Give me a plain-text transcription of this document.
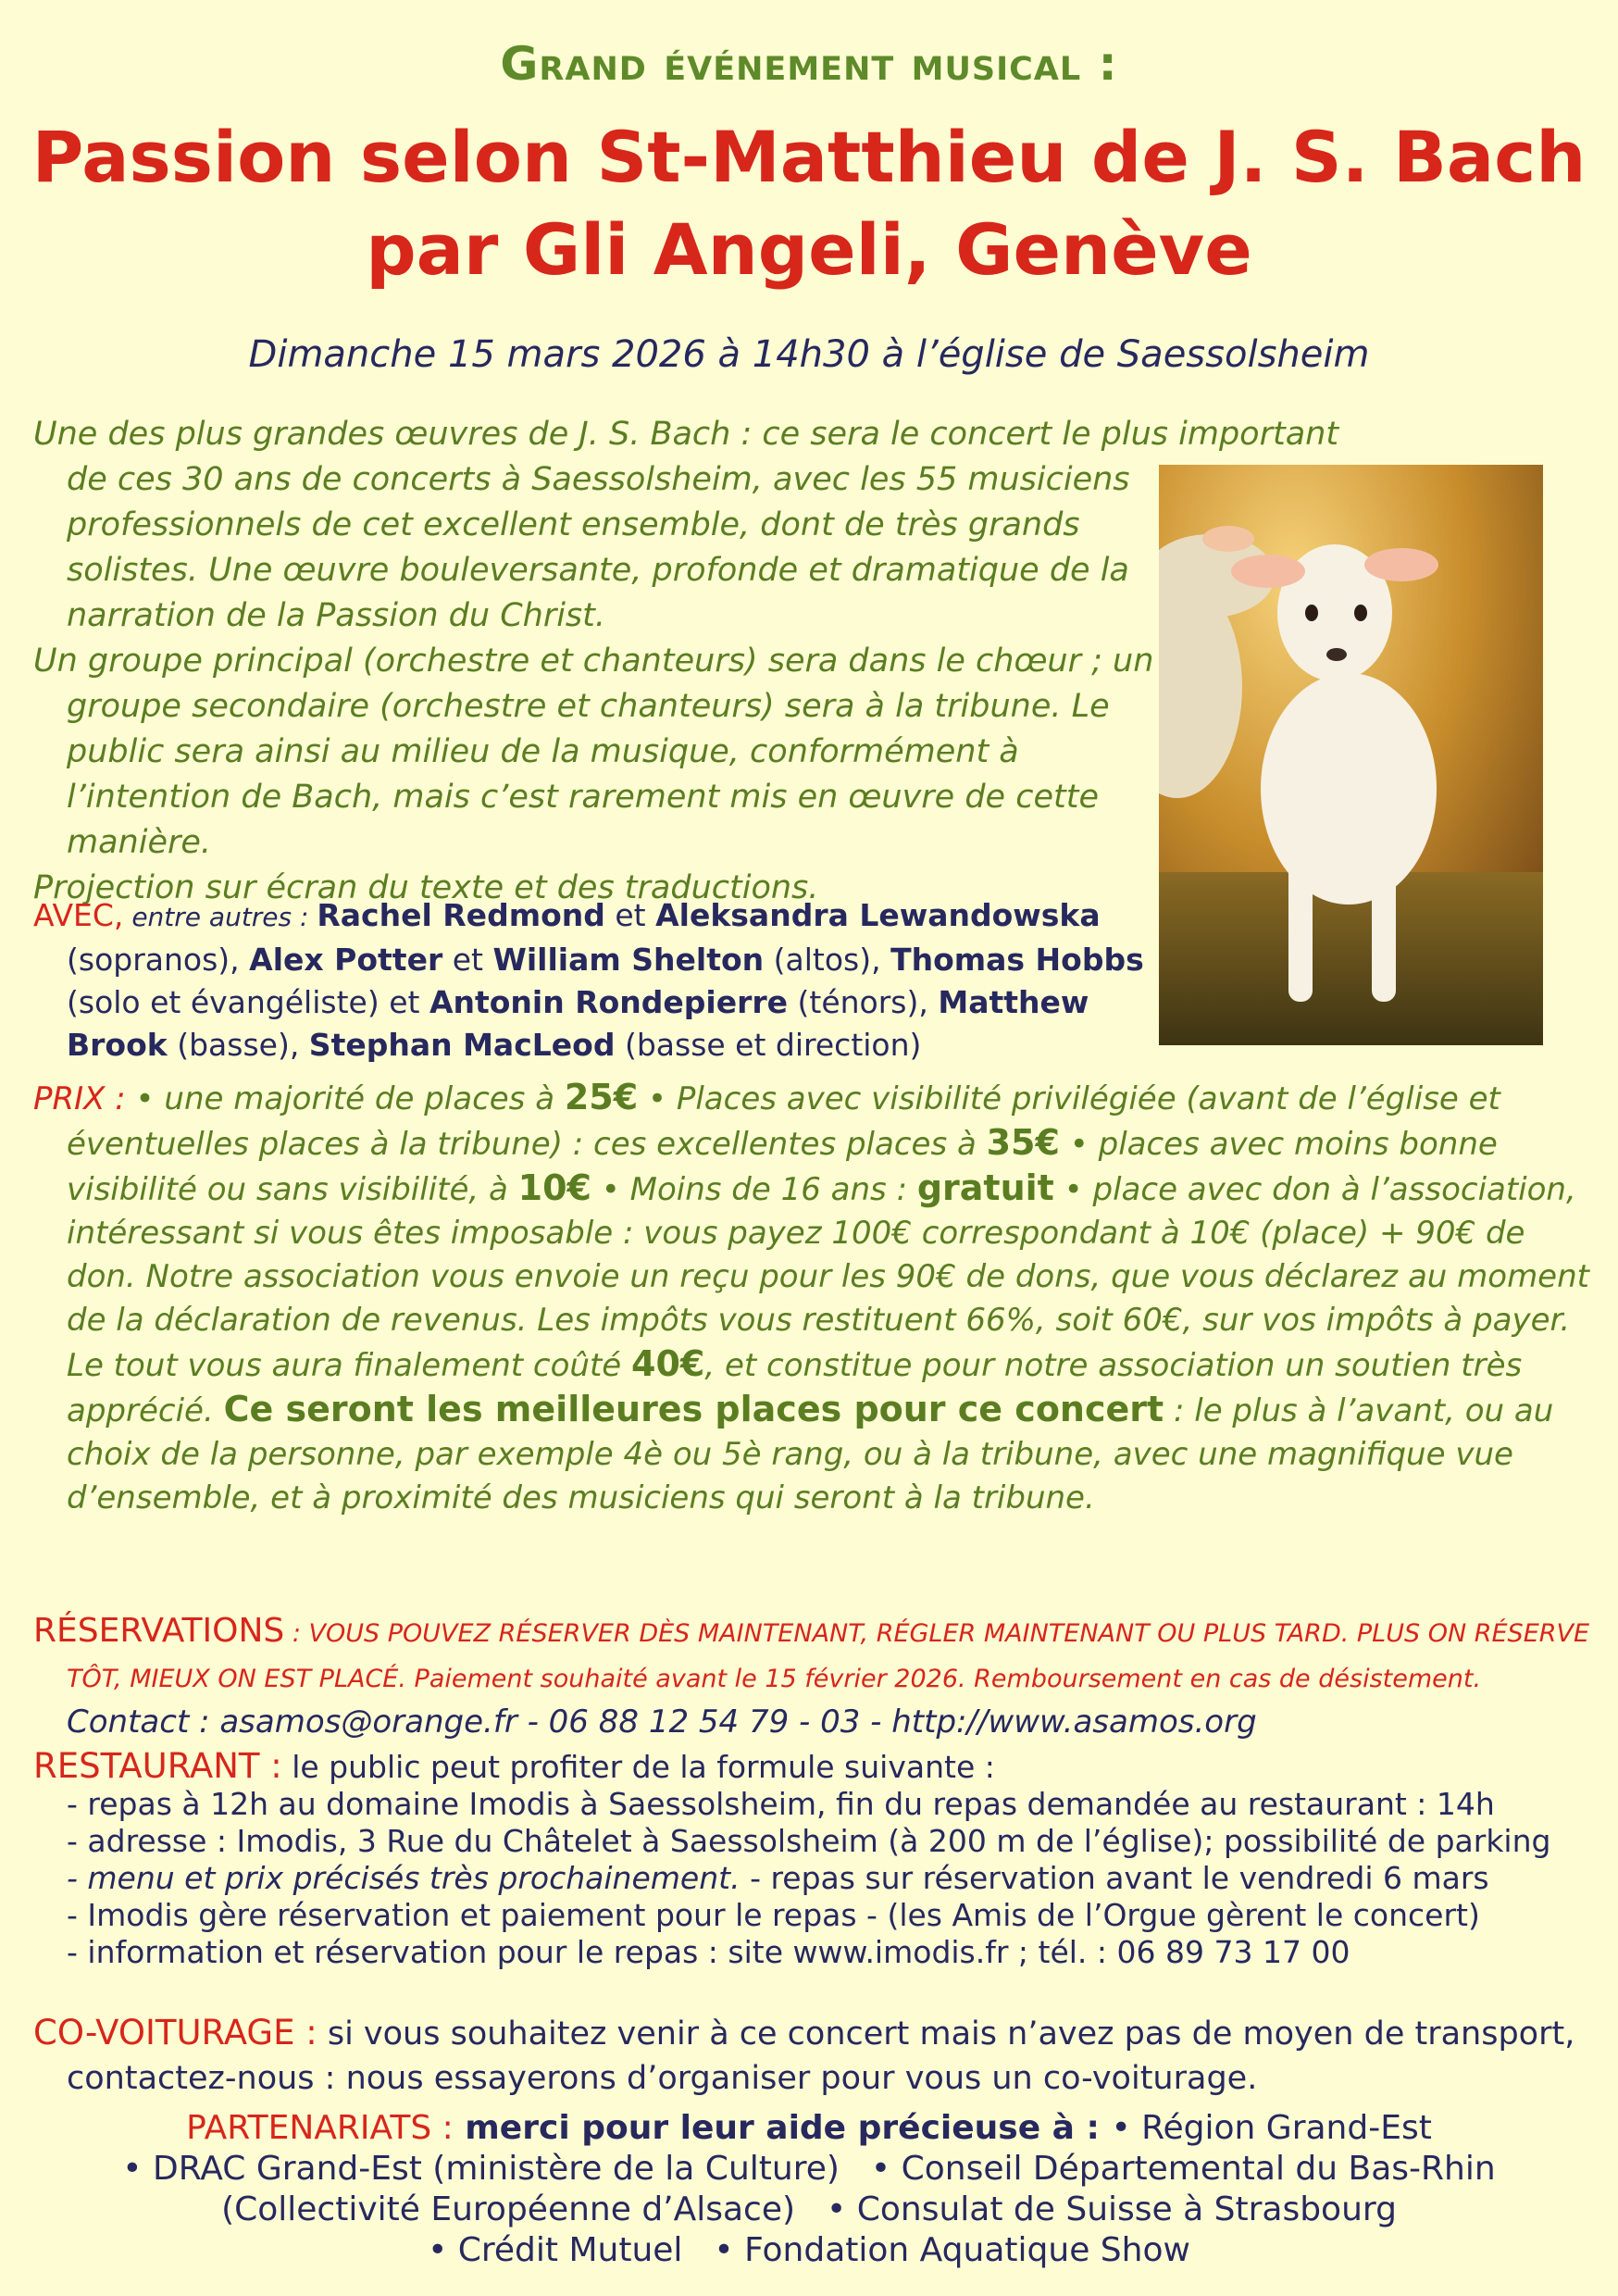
Grand événement musical :
Passion selon St-Matthieu de J. S. Bach
par Gli Angeli, Genève
Dimanche 15 mars 2026 à 14h30 à l’église de Saessolsheim

Une des plus grandes œuvres de J. S. Bach : ce sera le concert le plus important

de ces 30 ans de concerts à Saessolsheim, avec les 55 musiciens professionnels de cet excellent ensemble, dont de très grands solistes. Une œuvre bouleversante, profonde et dramatique de la narration de la Passion du Christ.

Un groupe principal (orchestre et chanteurs) sera dans le chœur ; un groupe secondaire (orchestre et chanteurs) sera à la tribune. Le public sera ainsi au milieu de la musique, conformément à l’intention de Bach, mais c’est rarement mis en œuvre de cette manière.

Projection sur écran du texte et des traductions.

AVEC, entre autres : Rachel Redmond et Aleksandra Lewandowska (sopranos), Alex Potter et William Shelton (altos), Thomas Hobbs (solo et évangéliste) et Antonin Rondepierre (ténors), Matthew Brook (basse), Stephan MacLeod (basse et direction)
PRIX : • une majorité de places à 25€ • Places avec visibilité privilégiée (avant de l’église et éventuelles places à la tribune) : ces excellentes places à 35€ • places avec moins bonne visibilité ou sans visibilité, à 10€ • Moins de 16 ans : gratuit • place avec don à l’association, intéressant si vous êtes imposable : vous payez 100€ correspondant à 10€ (place) + 90€ de don. Notre association vous envoie un reçu pour les 90€ de dons, que vous déclarez au moment de la déclaration de revenus. Les impôts vous restituent 66%, soit 60€, sur vos impôts à payer. Le tout vous aura finalement coûté 40€, et constitue pour notre association un soutien très apprécié. Ce seront les meilleures places pour ce concert : le plus à l’avant, ou au choix de la personne, par exemple 4è ou 5è rang, ou à la tribune, avec une magnifique vue d’ensemble, et à proximité des musiciens qui seront à la tribune.
RÉSERVATIONS : VOUS POUVEZ RÉSERVER DÈS MAINTENANT, RÉGLER MAINTENANT OU PLUS TARD. PLUS ON RÉSERVE TÔT, MIEUX ON EST PLACÉ. Paiement souhaité avant le 15 février 2026. Remboursement en cas de désistement. Contact : asamos@orange.fr - 06 88 12 54 79 - 03 - http://www.asamos.org

RESTAURANT : le public peut profiter de la formule suivante :

- repas à 12h au domaine Imodis à Saessolsheim, fin du repas demandée au restaurant : 14h

- adresse : Imodis, 3 Rue du Châtelet à Saessolsheim (à 200 m de l’église); possibilité de parking

- menu et prix précisés très prochainement. - repas sur réservation avant le vendredi 6 mars

- Imodis gère réservation et paiement pour le repas - (les Amis de l’Orgue gèrent le concert)

- information et réservation pour le repas : site www.imodis.fr ; tél. : 06 89 73 17 00

CO-VOITURAGE : si vous souhaitez venir à ce concert mais n’avez pas de moyen de transport, contactez-nous : nous essayerons d’organiser pour vous un co-voiturage.

PARTENARIATS : merci pour leur aide précieuse à : • Région Grand-Est

• DRAC Grand-Est (ministère de la Culture) • Conseil Départemental du Bas-Rhin

(Collectivité Européenne d’Alsace) • Consulat de Suisse à Strasbourg

• Crédit Mutuel • Fondation Aquatique Show
